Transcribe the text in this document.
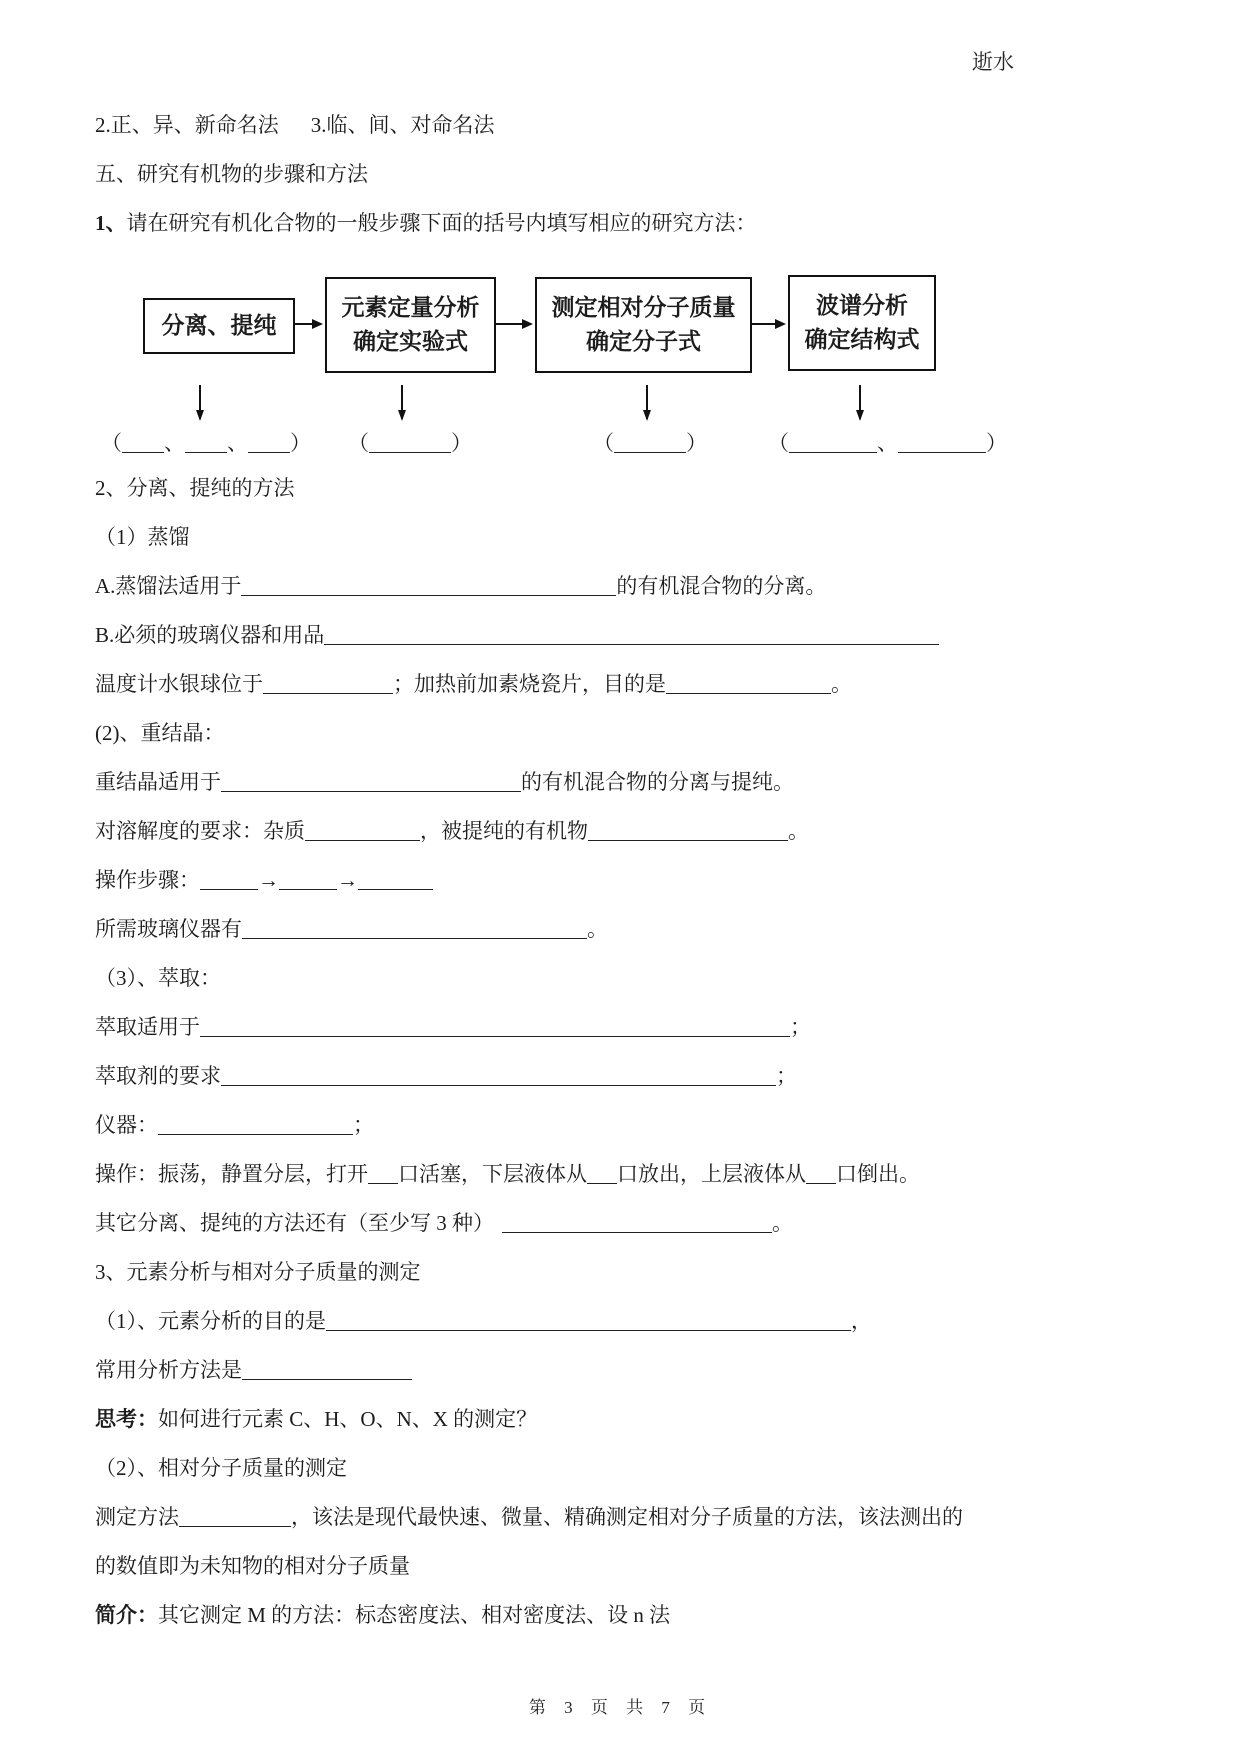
逝水

2.正、异、新命名法 3.临、间、对命名法

五、研究有机物的步骤和方法

1、请在研究有机化合物的一般步骤下面的括号内填写相应的研究方法：

分离、提纯
元素定量分析
确定实验式
测定相对分子质量
确定分子式
波谱分析
确定结构式
（ 、 、 ） （	）	（	）	（	、	）

2、分离、提纯的方法

（1）蒸馏

A.蒸馏法适用于	的有机混合物的分离。

B.必须的玻璃仪器和用品

温度计水银球位于	；加热前加素烧瓷片，目的是	。

(2)、重结晶：

重结晶适用于	的有机混合物的分离与提纯。

对溶解度的要求：杂质	，被提纯的有机物	。

操作步骤：	→	→

所需玻璃仪器有	。

（3）、萃取：

萃取适用于	；

萃取剂的要求	；

仪器：	；

操作：振荡，静置分层，打开 口活塞，下层液体从 口放出，上层液体从 口倒出。

其它分离、提纯的方法还有（至少写 3 种）	。

3、元素分析与相对分子质量的测定

（1）、元素分析的目的是	，

常用分析方法是

思考：如何进行元素 C、H、O、N、X 的测定？

（2）、相对分子质量的测定

测定方法	，该法是现代最快速、微量、精确测定相对分子质量的方法，该法测出的

的数值即为未知物的相对分子质量

简介：其它测定 M 的方法：标态密度法、相对密度法、设 n 法

第 3 页 共 7 页
